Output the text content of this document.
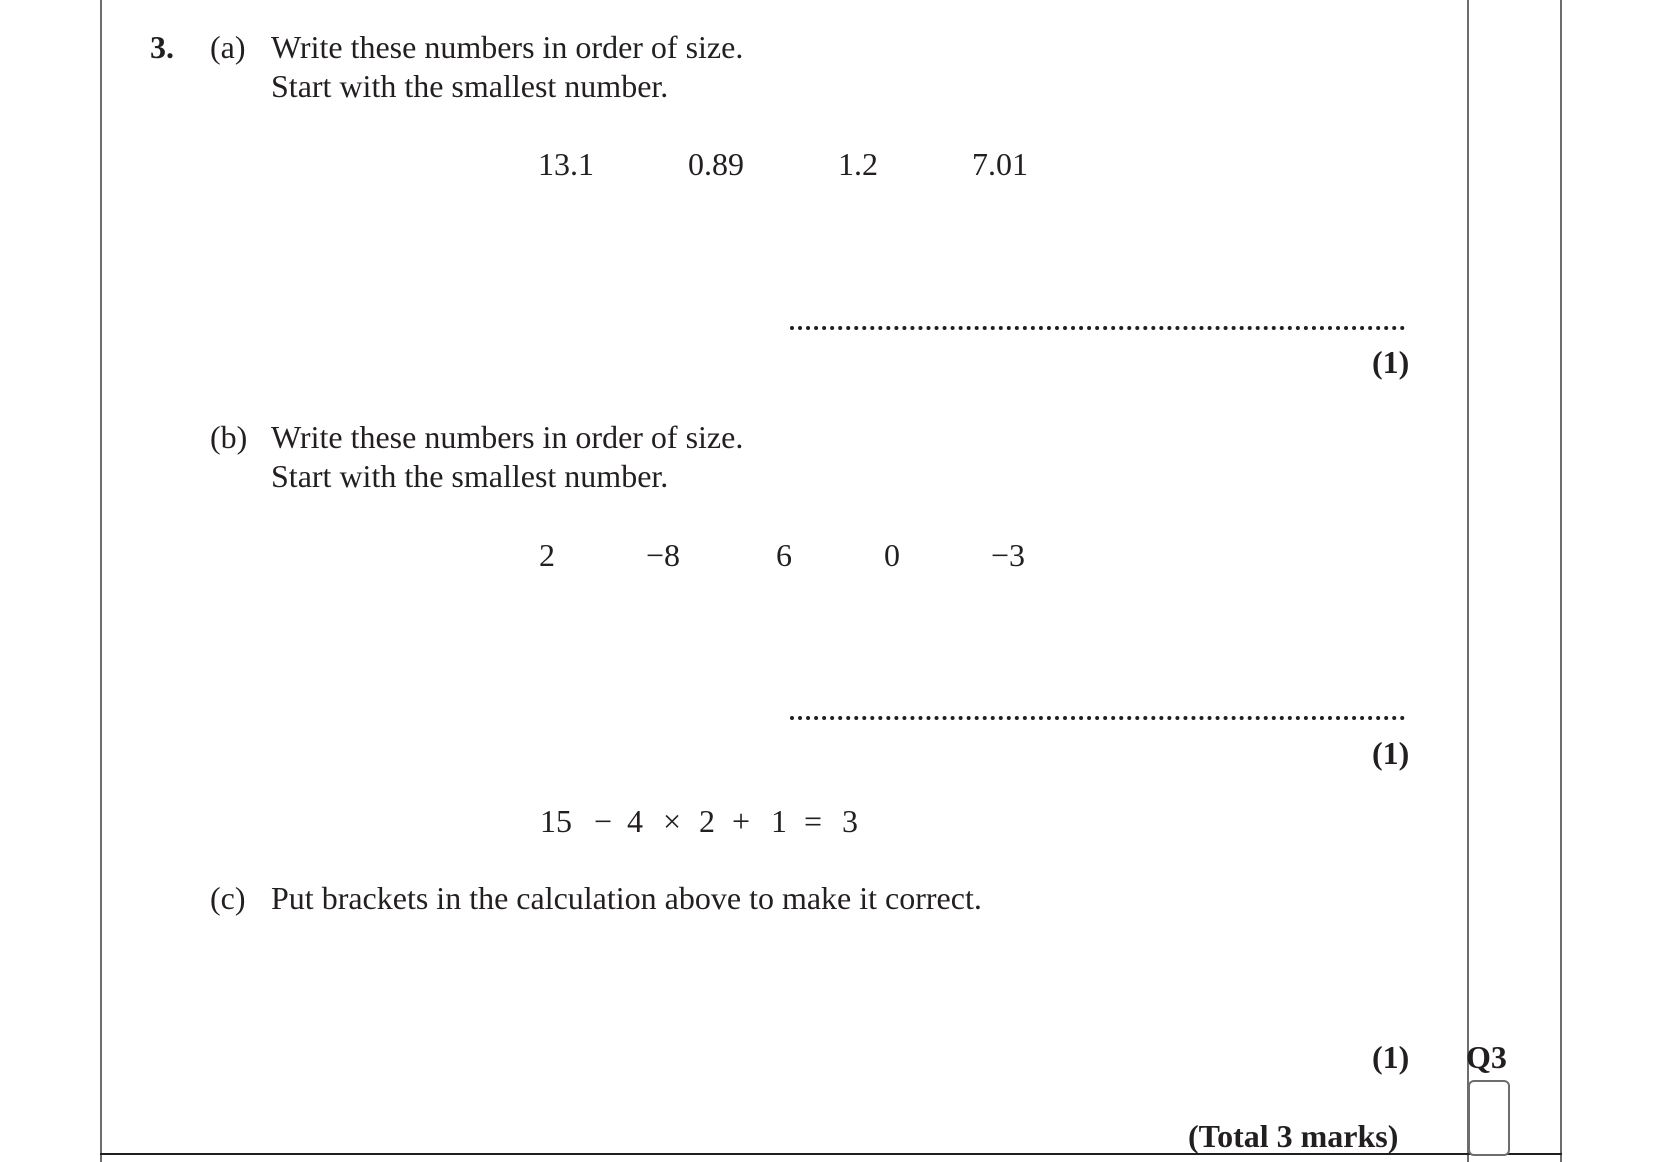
3. (a) Write these numbers in order of size.
Start with the smallest number.
13.1	0.89	1.2	7.01
(1)
(b) Write these numbers in order of size.
Start with the smallest number.
2	−8	6	0	−3
(1)
15 − 4 × 2 + 1 = 3
(c) Put brackets in the calculation above to make it correct.
(1) Q3
(Total 3 marks)
